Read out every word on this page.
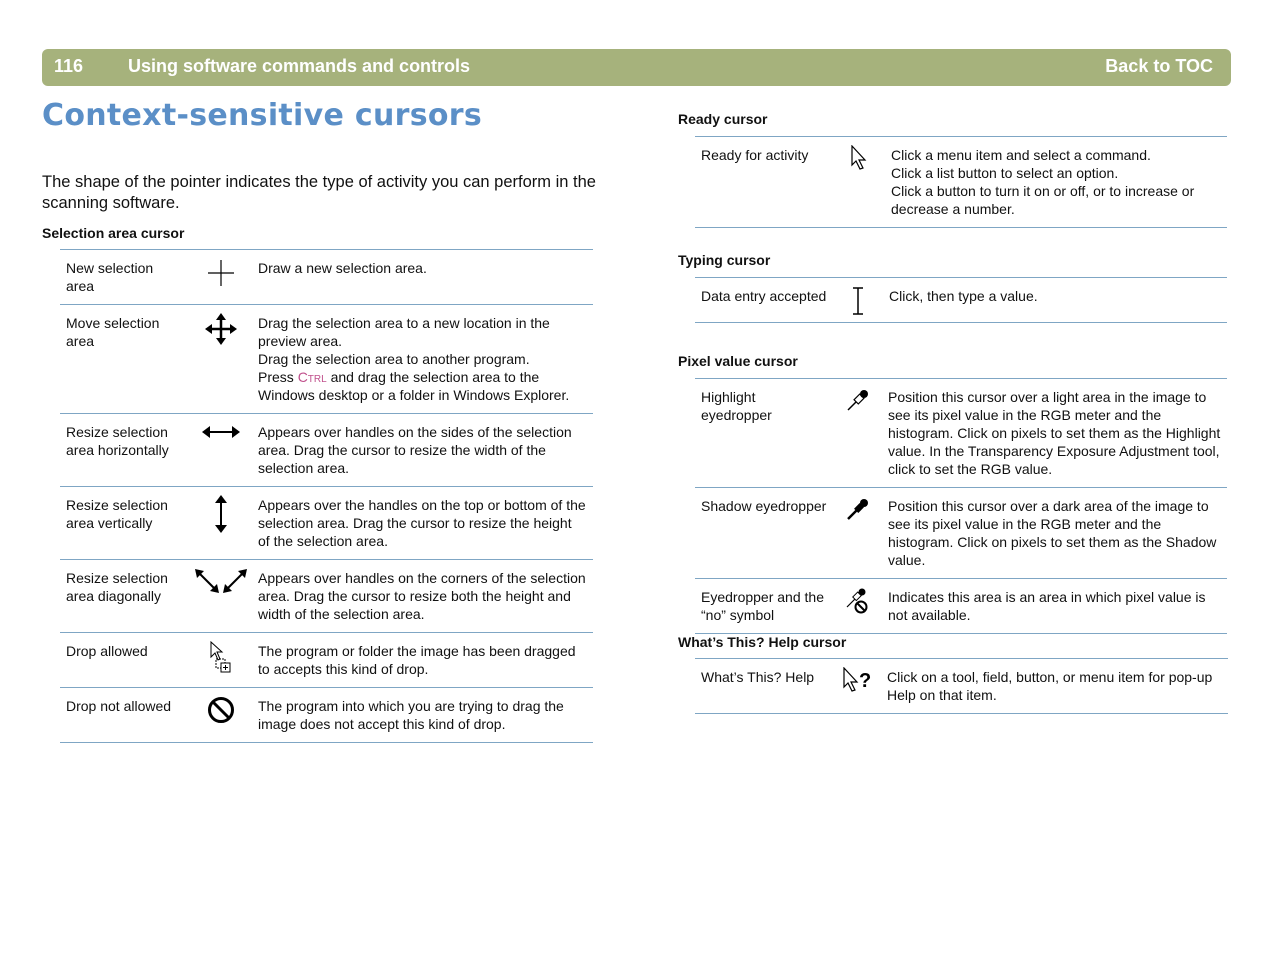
116 Using software commands and controls	Back to TOC
Context-sensitive cursors

The shape of the pointer indicates the type of activity you can perform in the scanning software.

Selection area cursor
New selection area		Draw a new selection area.
Move selection area		Drag the selection area to a new location in the preview area.
Drag the selection area to another program.
Press Ctrl and drag the selection area to the Windows desktop or a folder in Windows Explorer.

Resize selection area horizontally		Appears over handles on the sides of the selection area. Drag the cursor to resize the width of the selection area.
Resize selection area vertically		Appears over the handles on the top or bottom of the selection area. Drag the cursor to resize the height of the selection area.
Resize selection area diagonally		Appears over handles on the corners of the selection area. Drag the cursor to resize both the height and width of the selection area.
Drop allowed		The program or folder the image has been dragged to accepts this kind of drop.
Drop not allowed		The program into which you are trying to drag the image does not accept this kind of drop.
Ready cursor
Ready for activity		Click a menu item and select a command.
Click a list button to select an option.
Click a button to turn it on or off, or to increase or decrease a number.
Typing cursor
Data entry accepted		Click, then type a value.
Pixel value cursor
Highlight eyedropper		Position this cursor over a light area in the image to see its pixel value in the RGB meter and the histogram. Click on pixels to set them as the Highlight value. In the Transparency Exposure Adjustment tool, click to set the RGB value.
Shadow eyedropper		Position this cursor over a dark area of the image to see its pixel value in the RGB meter and the histogram. Click on pixels to set them as the Shadow value.
Eyedropper and the “no” symbol		Indicates this area is an area in which pixel value is not available.
What’s This? Help cursor
What’s This? Help	?	Click on a tool, field, button, or menu item for pop-up Help on that item.
